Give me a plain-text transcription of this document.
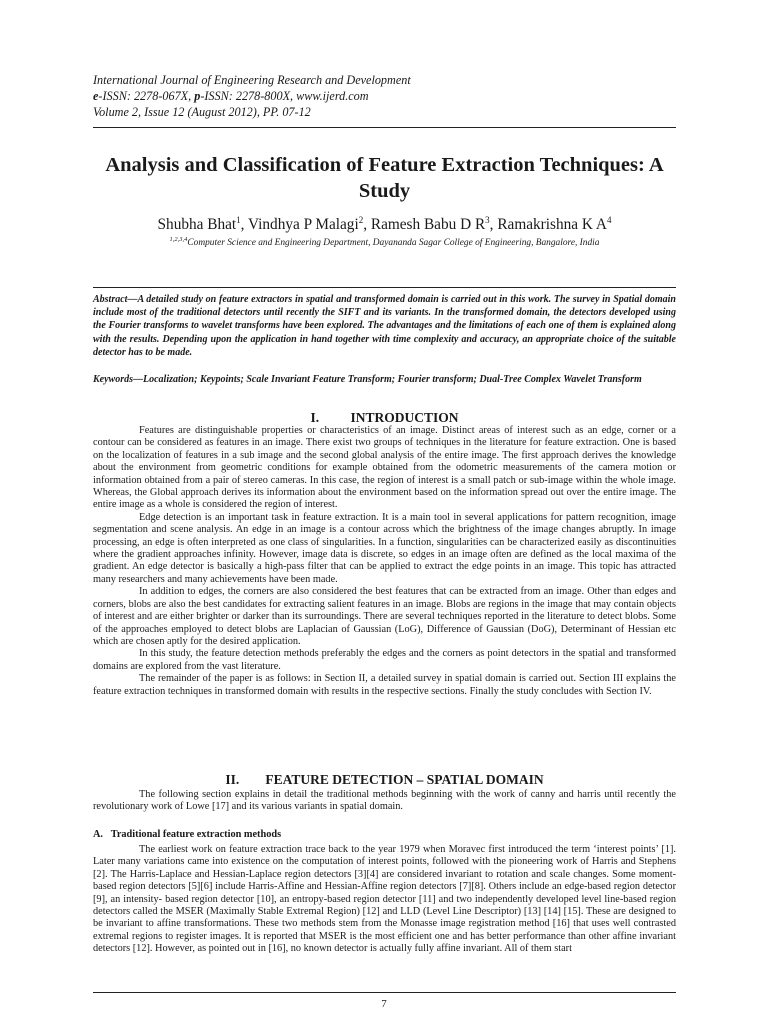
International Journal of Engineering Research and Development
e-ISSN: 2278-067X, p-ISSN: 2278-800X, www.ijerd.com
Volume 2, Issue 12 (August 2012), PP. 07-12
Analysis and Classification of Feature Extraction Techniques: A Study
Shubha Bhat$^1$, Vindhya P Malagi$^2$, Ramesh Babu D $R^3$, Ramakrishna K $A^4$
$^{1,2,3,4}$Computer Science and Engineering Department, Dayananda Sagar College of Engineering, Bangalore, India
Abstract—A detailed study on feature extractors in spatial and transformed domain is carried out in this work. The survey in Spatial domain include most of the traditional detectors until recently the SIFT and its variants. In the transformed domain, the detectors developed using the Fourier transforms to wavelet transforms have been explored. The advantages and the limitations of each one of them is explained along with the results. Depending upon the application in hand together with time complexity and accuracy, an appropriate choice of the suitable detector has to be made.
Keywords—Localization; Keypoints; Scale Invariant Feature Transform; Fourier transform; Dual-Tree Complex Wavelet Transform
I. INTRODUCTION

Features are distinguishable properties or characteristics of an image. Distinct areas of interest such as an edge, corner or a contour can be considered as features in an image. There exist two groups of techniques in the literature for feature extraction. One is based on the localization of features in a sub image and the second global analysis of the entire image. The first approach derives the knowledge about the environment from geometric conditions for example obtained from the odometric measurements of the camera motion or information obtained from a pair of stereo cameras. In this case, the region of interest is a small patch or sub-image within the whole image. Whereas, the Global approach derives its information about the environment based on the information spread out over the entire image. The entire image as a whole is considered the region of interest.

Edge detection is an important task in feature extraction. It is a main tool in several applications for pattern recognition, image segmentation and scene analysis. An edge in an image is a contour across which the brightness of the image changes abruptly. In image processing, an edge is often interpreted as one class of singularities. In a function, singularities can be characterized easily as discontinuities where the gradient approaches infinity. However, image data is discrete, so edges in an image often are defined as the local maxima of the gradient. An edge detector is basically a high-pass filter that can be applied to extract the edge points in an image. This topic has attracted many researchers and many achievements have been made.

In addition to edges, the corners are also considered the best features that can be extracted from an image. Other than edges and corners, blobs are also the best candidates for extracting salient features in an image. Blobs are regions in the image that may contain objects of interest and are either brighter or darker than its surroundings. There are several techniques reported in the literature to detect blobs. Some of the approaches employed to detect blobs are Laplacian of Gaussian (LoG), Difference of Gaussian (DoG), Determinant of Hessian etc which are chosen aptly for the desired application.

In this study, the feature detection methods preferably the edges and the corners as point detectors in the spatial and transformed domains are explored from the vast literature.

The remainder of the paper is as follows: in Section II, a detailed survey in spatial domain is carried out. Section III explains the feature extraction techniques in transformed domain with results in the respective sections. Finally the study concludes with Section IV.

II. FEATURE DETECTION – SPATIAL DOMAIN

The following section explains in detail the traditional methods beginning with the work of canny and harris until recently the revolutionary work of Lowe [17] and its various variants in spatial domain.

A.   Traditional feature extraction methods

The earliest work on feature extraction trace back to the year 1979 when Moravec first introduced the term ‘interest points’ [1]. Later many variations came into existence on the computation of interest points, followed with the pioneering work of Harris and Stephens [2]. The Harris-Laplace and Hessian-Laplace region detectors [3][4] are considered invariant to rotation and scale changes. Some moment-based region detectors [5][6] include Harris-Affine and Hessian-Affine region detectors [7][8]. Others include an edge-based region detector [9], an intensity- based region detector [10], an entropy-based region detector [11] and two independently developed level line-based region detectors called the MSER (Maximally Stable Extremal Region) [12] and LLD (Level Line Descriptor) [13] [14] [15]. These are designed to be invariant to affine transformations. These two methods stem from the Monasse image registration method [16] that uses well contrasted extremal regions to register images. It is reported that MSER is the most efficient one and has better performance than other affine invariant detectors [12]. However, as pointed out in [16], no known detector is actually fully affine invariant. All of them start

7
